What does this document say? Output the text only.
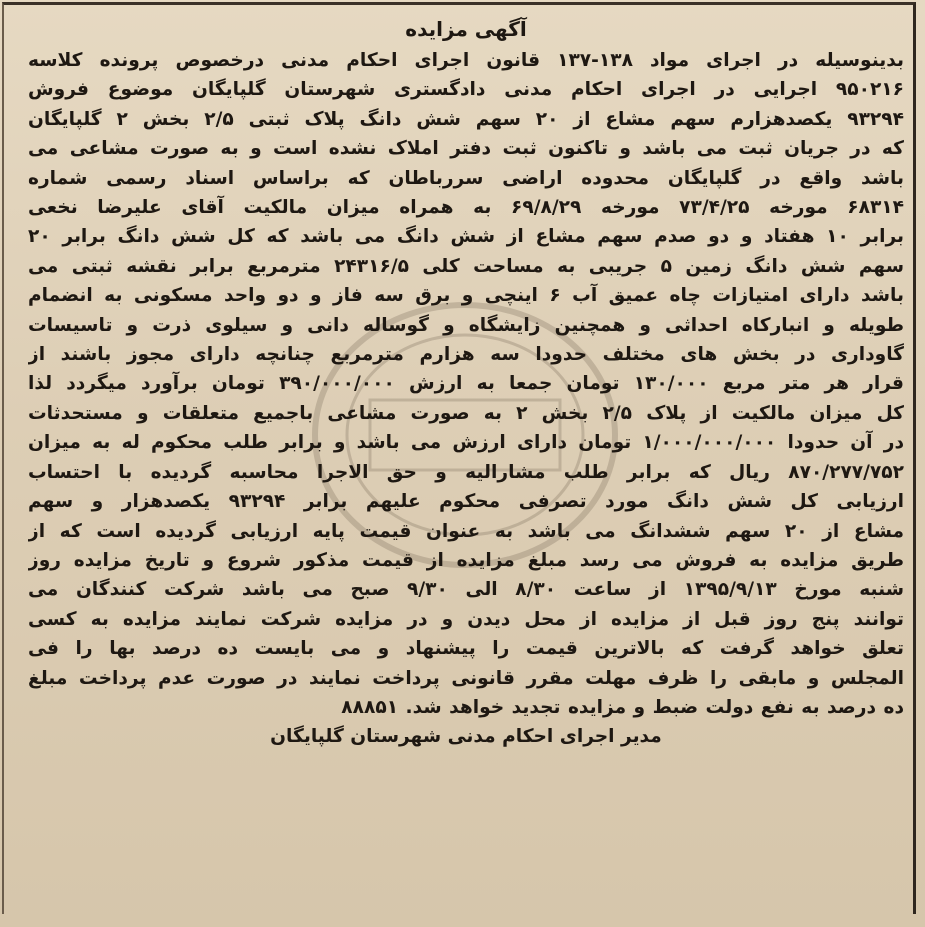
آگهی مزایده

بدینوسیله در اجرای مواد ۱۳۸-۱۳۷ قانون اجرای احکام مدنی درخصوص پرونده کلاسه
۹۵۰۲۱۶ اجرایی در اجرای احکام مدنی دادگستری شهرستان گلپایگان موضوع فروش
۹۳۲۹۴ یکصدهزارم سهم مشاع از ۲۰ سهم شش دانگ پلاک ثبتی ۲/۵ بخش ۲ گلپایگان
که در جریان ثبت می باشد و تاکنون ثبت دفتر املاک نشده است و به صورت مشاعی می
باشد واقع در گلپایگان محدوده اراضی سررباطان که براساس اسناد رسمی شماره
۶۸۳۱۴ مورخه ۷۳/۴/۲۵ مورخه ۶۹/۸/۲۹ به همراه میزان مالکیت آقای علیرضا نخعی
برابر ۱۰ هفتاد و دو صدم سهم مشاع از شش دانگ می باشد که کل شش دانگ برابر ۲۰
سهم شش دانگ زمین ۵ جریبی به مساحت کلی ۲۴۳۱۶/۵ مترمربع برابر نقشه ثبتی می
باشد دارای امتیازات چاه عمیق آب ۶ اینچی و برق سه فاز و دو واحد مسکونی به انضمام
طویله و انبارکاه احداثی و همچنین زایشگاه و گوساله دانی و سیلوی ذرت و تاسیسات
گاوداری در بخش های مختلف حدودا سه هزارم مترمربع چنانچه دارای مجوز باشند از
قرار هر متر مربع ۱۳۰/۰۰۰ تومان جمعا به ارزش ۳۹۰/۰۰۰/۰۰۰ تومان برآورد میگردد لذا
کل میزان مالکیت از پلاک ۲/۵ بخش ۲ به صورت مشاعی باجمیع متعلقات و مستحدثات
در آن حدودا ۱/۰۰۰/۰۰۰/۰۰۰ تومان دارای ارزش می باشد و برابر طلب محکوم له به میزان
۸۷۰/۲۷۷/۷۵۲ ریال که برابر طلب مشارالیه و حق الاجرا محاسبه گردیده با احتساب
ارزیابی کل شش دانگ مورد تصرفی محکوم علیهم برابر ۹۳۲۹۴ یکصدهزار و سهم
مشاع از ۲۰ سهم ششدانگ می باشد به عنوان قیمت پایه ارزیابی گردیده است که از
طریق مزایده به فروش می رسد مبلغ مزایده از قیمت مذکور شروع و تاریخ مزایده روز
شنبه مورخ ۱۳۹۵/۹/۱۳ از ساعت ۸/۳۰ الی ۹/۳۰ صبح می باشد شرکت کنندگان می
توانند پنج روز قبل از مزایده از محل دیدن و در مزایده شرکت نمایند مزایده به کسی
تعلق خواهد گرفت که بالاترین قیمت را پیشنهاد و می بایست ده درصد بها را فی
المجلس و مابقی را ظرف مهلت مقرر قانونی پرداخت نمایند در صورت عدم پرداخت مبلغ
ده درصد به نفع دولت ضبط و مزایده تجدید خواهد شد. ۸۸۸۵۱

مدیر اجرای احکام مدنی شهرستان گلپایگان
